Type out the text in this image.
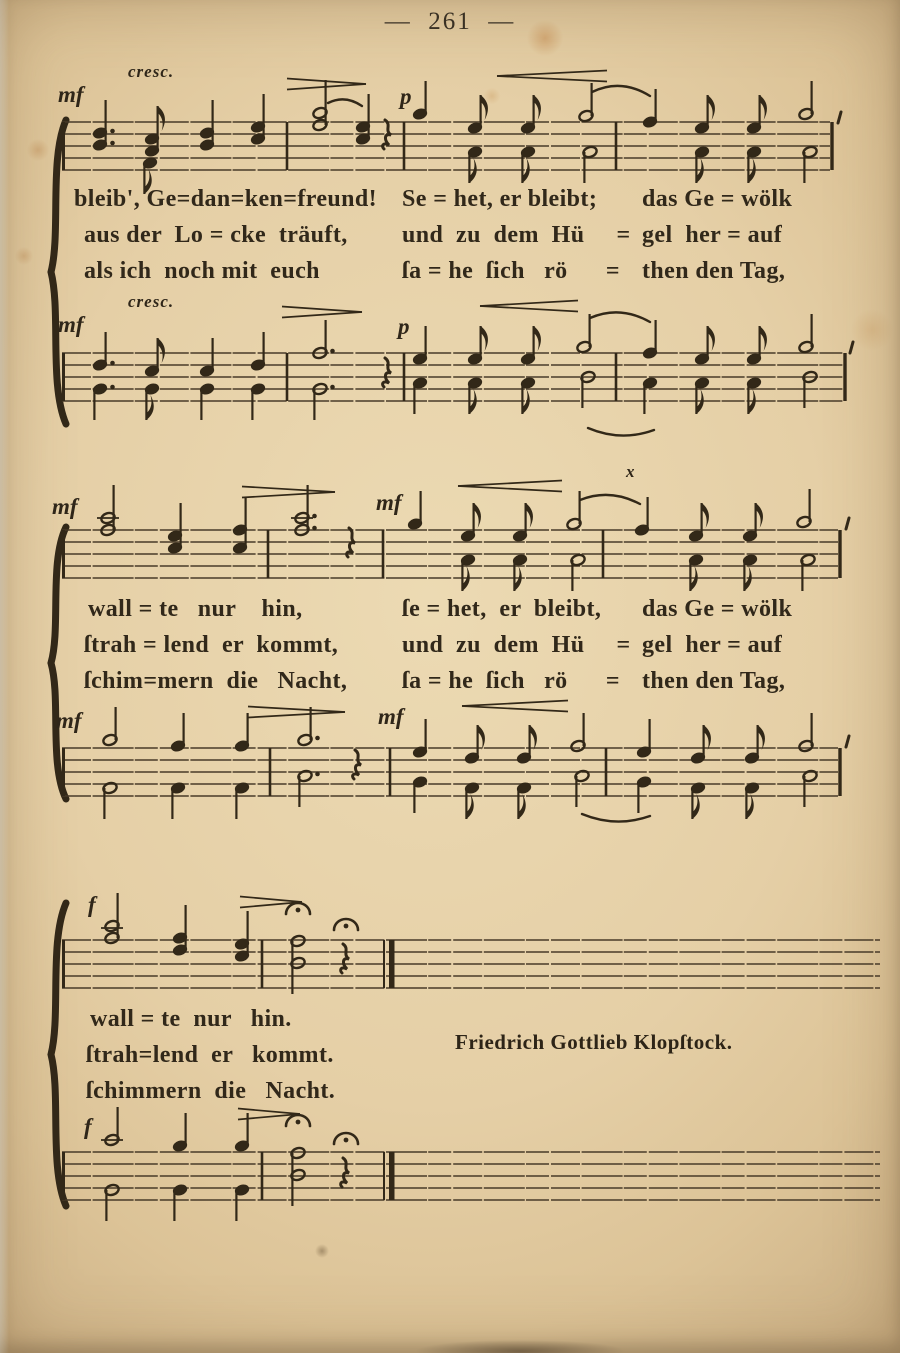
—  261  —
mf
cresc.
p
mf
cresc.
p
mf	mf
x
mf	mf
f
f
bleib', Ge=dan=ken=freund! Se = het, er bleibt; das Ge = wölk
aus der  Lo = cke  träuft, und  zu  dem  Hü     = gel  her = auf
als ich  noch mit  euch	ſa = he  ſich   rö      = then den Tag,
wall = te   nur    hin,	ſe = het,  er  bleibt, das Ge = wölk
ſtrah = lend  er  kommt,	und  zu  dem  Hü     = gel  her = auf
ſchim=mern  die   Nacht, ſa = he  ſich   rö      = then den Tag,
wall = te  nur   hin.
ſtrah=lend  er   kommt.
ſchimmern  die   Nacht.
Friedrich Gottlieb Klopſtock.
